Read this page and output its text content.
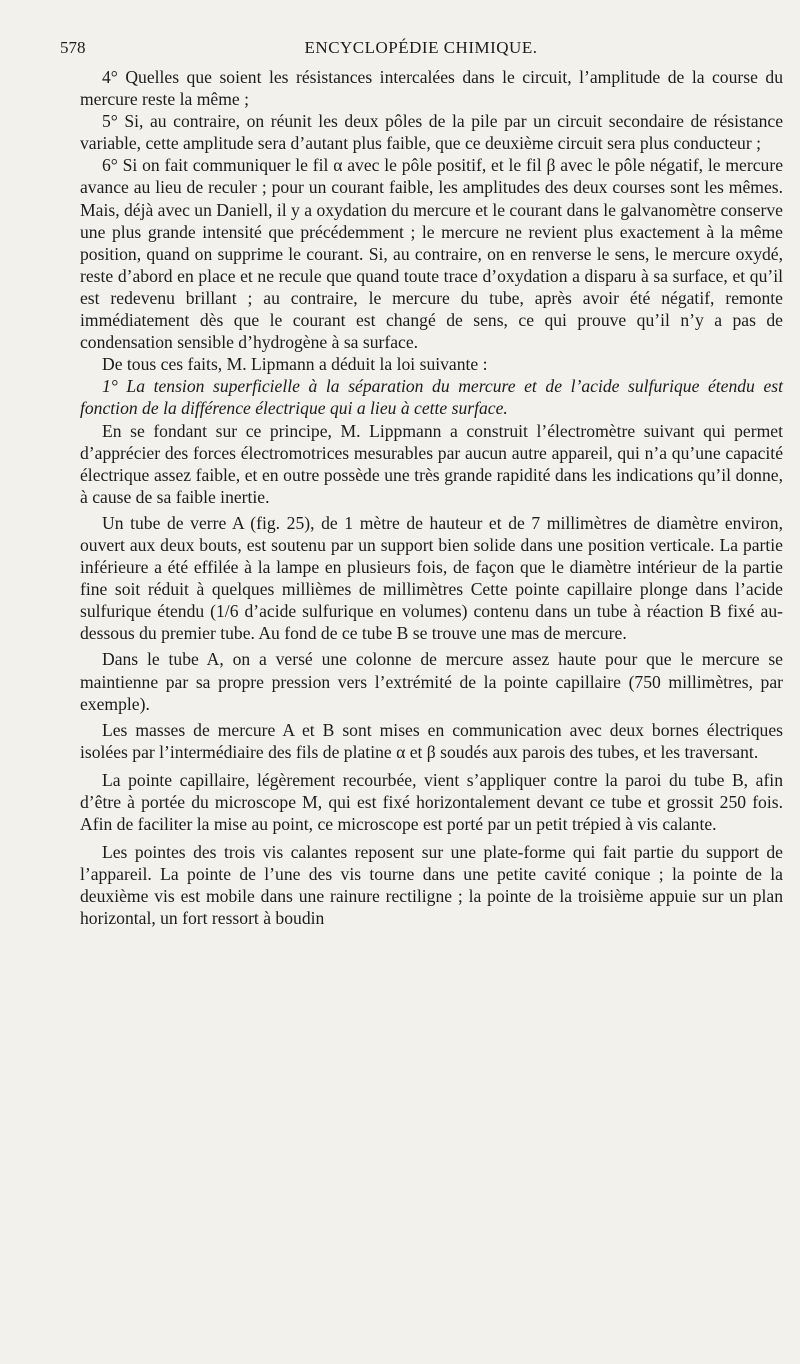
578	ENCYCLOPÉDIE CHIMIQUE.

4° Quelles que soient les résistances intercalées dans le circuit, l’amplitude de la course du mercure reste la même ;

5° Si, au contraire, on réunit les deux pôles de la pile par un circuit secondaire de résistance variable, cette amplitude sera d’autant plus faible, que ce deuxième circuit sera plus conducteur ;

6° Si on fait communiquer le fil α avec le pôle positif, et le fil β avec le pôle négatif, le mercure avance au lieu de reculer ; pour un courant faible, les amplitudes des deux courses sont les mêmes. Mais, déjà avec un Daniell, il y a oxydation du mercure et le courant dans le galvanomètre conserve une plus grande intensité que précédemment ; le mercure ne revient plus exactement à la même position, quand on supprime le courant. Si, au contraire, on en renverse le sens, le mercure oxydé, reste d’abord en place et ne recule que quand toute trace d’oxydation a disparu à sa surface, et qu’il est redevenu brillant ; au contraire, le mercure du tube, après avoir été négatif, remonte immédiatement dès que le courant est changé de sens, ce qui prouve qu’il n’y a pas de condensation sensible d’hydrogène à sa surface.

De tous ces faits, M. Lipmann a déduit la loi suivante :

1° La tension superficielle à la séparation du mercure et de l’acide sulfurique étendu est fonction de la différence électrique qui a lieu à cette surface.

En se fondant sur ce principe, M. Lippmann a construit l’électromètre suivant qui permet d’apprécier des forces électromotrices mesurables par aucun autre appareil, qui n’a qu’une capacité électrique assez faible, et en outre possède une très grande rapidité dans les indications qu’il donne, à cause de sa faible inertie.

Un tube de verre A (fig. 25), de 1 mètre de hauteur et de 7 millimètres de diamètre environ, ouvert aux deux bouts, est soutenu par un support bien solide dans une position verticale. La partie inférieure a été effilée à la lampe en plusieurs fois, de façon que le diamètre intérieur de la partie fine soit réduit à quelques millièmes de millimètres Cette pointe capillaire plonge dans l’acide sulfurique étendu (1/6 d’acide sulfurique en volumes) contenu dans un tube à réaction B fixé au-dessous du premier tube. Au fond de ce tube B se trouve une mas de mercure.

Dans le tube A, on a versé une colonne de mercure assez haute pour que le mercure se maintienne par sa propre pression vers l’extrémité de la pointe capillaire (750 millimètres, par exemple).

Les masses de mercure A et B sont mises en communication avec deux bornes électriques isolées par l’intermédiaire des fils de platine α et β soudés aux parois des tubes, et les traversant.

La pointe capillaire, légèrement recourbée, vient s’appliquer contre la paroi du tube B, afin d’être à portée du microscope M, qui est fixé horizontalement devant ce tube et grossit 250 fois. Afin de faciliter la mise au point, ce microscope est porté par un petit trépied à vis calante.

Les pointes des trois vis calantes reposent sur une plate-forme qui fait partie du support de l’appareil. La pointe de l’une des vis tourne dans une petite cavité conique ; la pointe de la deuxième vis est mobile dans une rainure rectiligne ; la pointe de la troisième appuie sur un plan horizontal, un fort ressort à boudin
